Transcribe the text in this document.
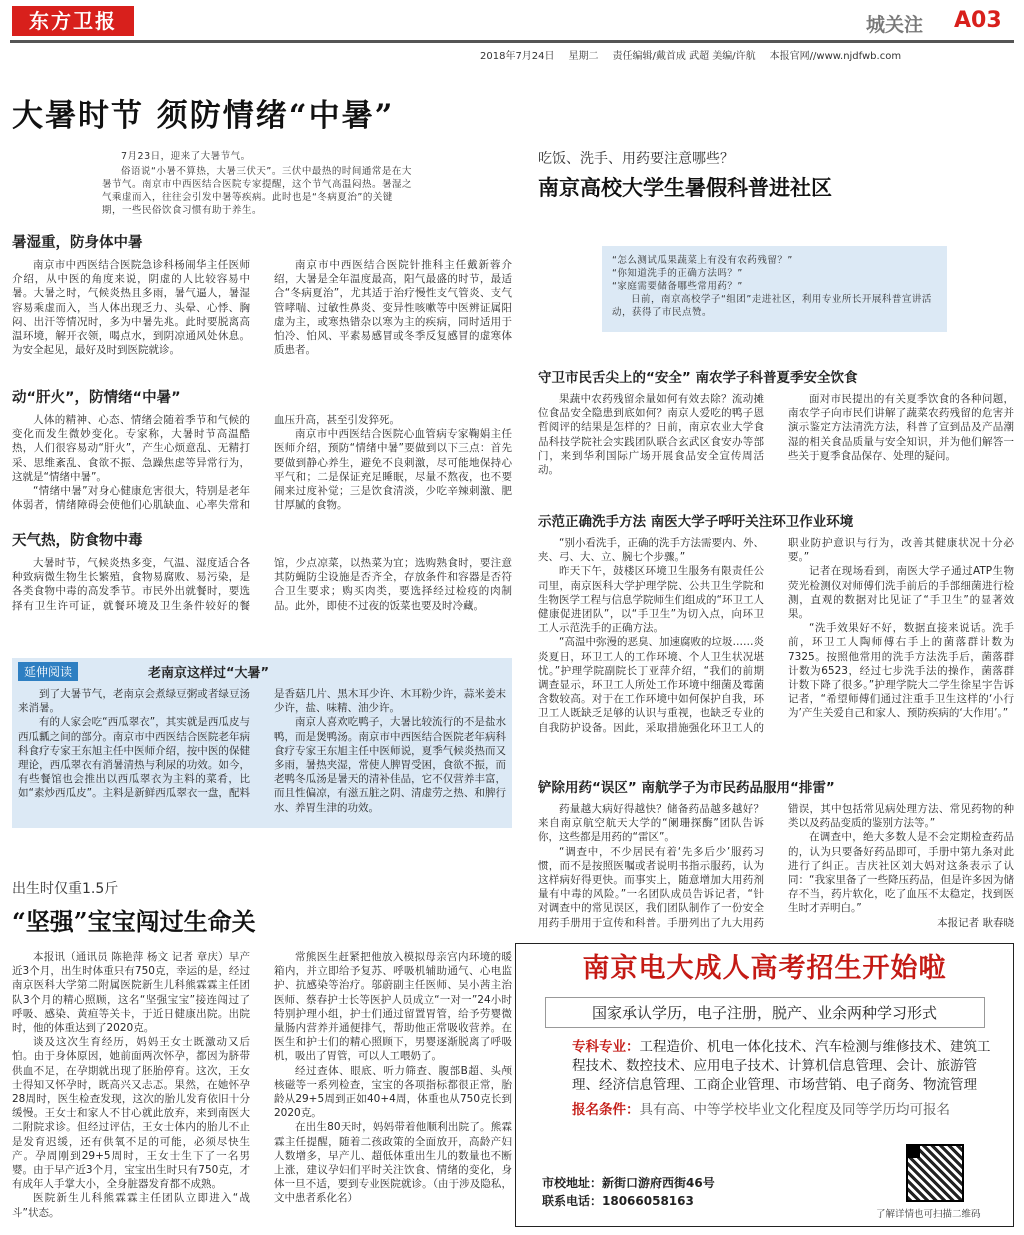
东方卫报	城关注 A03
2018年7月24日 星期二 责任编辑/戴首成 武超 美编/许航 本报官网//www.njdfwb.com
大暑时节 须防情绪“中暑”
7月23日，迎来了大暑节气。
俗语说“小暑不算热，大暑三伏天”。三伏中最热的时间通常是在大暑节气。南京市中西医结合医院专家提醒，这个节气高温闷热。暑湿之气乘虚而入，往往会引发中暑等疾病。此时也是“冬病夏治”的关键期，一些民俗饮食习惯有助于养生。
暑湿重，防身体中暑

南京市中西医结合医院急诊科杨闹华主任医师介绍，从中医的角度来说，阴虚的人比较容易中暑。大暑之时，气候炎热且多雨，暑气逼人，暑湿容易乘虚而入，当人体出现乏力、头晕、心悸、胸闷、出汗等情况时，多为中暑先兆。此时要脱离高温环境，解开衣领，喝点水，到阴凉通风处休息。为安全起见，最好及时到医院就诊。

南京市中西医结合医院针推科主任戴新蓉介绍，大暑是全年温度最高，阳气最盛的时节，最适合“冬病夏治”，尤其适于治疗慢性支气管炎、支气管哮喘、过敏性鼻炎、变异性咳嗽等中医辨证属阳虚为主，或寒热错杂以寒为主的疾病，同时适用于怕冷、怕风、平素易感冒或冬季反复感冒的虚寒体质患者。

动“肝火”，防情绪“中暑”

人体的精神、心态、情绪会随着季节和气候的变化而发生微妙变化。专家称，大暑时节高温酷热，人们很容易动“肝火”，产生心烦意乱、无精打采、思维紊乱、食欲不振、急躁焦虑等异常行为，这就是“情绪中暑”。

“情绪中暑”对身心健康危害很大，特别是老年体弱者，情绪障碍会使他们心肌缺血、心率失常和血压升高，甚至引发猝死。

南京市中西医结合医院心血管病专家鞠娟主任医师介绍，预防“情绪中暑”要做到以下三点：首先要做到静心养生，避免不良刺激，尽可能地保持心平气和；二是保证充足睡眠，尽量不熬夜，也不要闹来过度补觉；三是饮食清淡，少吃辛辣刺激、肥甘厚腻的食物。

天气热，防食物中毒

大暑时节，气候炎热多变，气温、湿度适合各种致病微生物生长繁殖，食物易腐败、易污染，是各类食物中毒的高发季节。市民外出就餐时，要选择有卫生许可证，就餐环境及卫生条件较好的餐馆，少点凉菜，以热菜为宜；选购熟食时，要注意其防蝇防尘设施是否齐全，存放条件和容器是否符合卫生要求；购买肉类，要选择经过检疫的肉制品。此外，即使不过夜的饭菜也要及时冷藏。

延伸阅读	老南京这样过“大暑”

到了大暑节气，老南京会煮绿豆粥或者绿豆汤来消暑。

有的人家会吃“西瓜翠衣”，其实就是西瓜皮与西瓜瓤之间的部分。南京市中西医结合医院老年病科食疗专家王东旭主任中医师介绍，按中医的保健理论，西瓜翠衣有消暑清热与利尿的功效。如今，有些餐馆也会推出以西瓜翠衣为主料的菜肴，比如“素炒西瓜皮”。主料是新鲜西瓜翠衣一盘，配料是香菇几片、黑木耳少许、木耳粉少许，蒜米姜末少许，盐、味精、油少许。

南京人喜欢吃鸭子，大暑比较流行的不是盐水鸭，而是煲鸭汤。南京市中西医结合医院老年病科食疗专家王东旭主任中医师说，夏季气候炎热而又多雨，暑热夹湿，常使人脾胃受困，食欲不振，而老鸭冬瓜汤是暑天的清补佳品，它不仅营养丰富，而且性偏凉，有滋五脏之阴、清虚劳之热、和脾行水、养胃生津的功效。

出生时仅重1.5斤
“坚强”宝宝闯过生命关

本报讯（通讯员 陈艳萍 杨文 记者 章庆）早产近3个月，出生时体重只有750克，幸运的是，经过南京医科大学第二附属医院新生儿科熊霖霖主任团队3个月的精心照顾，这名“坚强宝宝”接连闯过了呼吸、感染、黄疸等关卡，于近日健康出院。出院时，他的体重达到了2020克。

谈及这次生育经历，妈妈王女士既激动又后怕。由于身体原因，她前面两次怀孕，都因为脐带供血不足，在孕期就出现了胚胎停育。这次，王女士得知又怀孕时，既高兴又忐忑。果然，在她怀孕28周时，医生检查发现，这次的胎儿发育依旧十分缓慢。王女士和家人不甘心就此放弃，来到南医大二附院求诊。但经过评估，王女士体内的胎儿不止是发育迟缓，还有供氧不足的可能，必须尽快生产。孕周刚到29+5周时，王女士生下了一名男婴。由于早产近3个月，宝宝出生时只有750克，才有成年人手掌大小，全身脏器发育都不成熟。

医院新生儿科熊霖霖主任团队立即进入“战斗”状态。

常熊医生赶紧把他放入模拟母亲宫内环境的暖箱内，并立即给予复苏、呼吸机辅助通气、心电监护、抗感染等治疗。邬蔚副主任医师、吴小茜主治医师、蔡春护士长等医护人员成立“一对一”24小时特别护理小组，护士们通过留置胃管，给予劳婴微量肠内营养并通便排气，帮助他正常吸收营养。在医生和护士们的精心照顾下，男婴逐渐脱离了呼吸机，吸出了胃管，可以人工喂奶了。

经过查体、眼底、听力筛查、腹部B超、头颅核磁等一系列检查，宝宝的各项指标都很正常，胎龄从29+5周到正如40+4周，体重也从750克长到2020克。

在出生80天时，妈妈带着他顺利出院了。熊霖霖主任提醒，随着二孩政策的全面放开，高龄产妇人数增多，早产儿、超低体重出生儿的数量也不断上涨，建议孕妇们平时关注饮食、情绪的变化，身体一旦不适，要到专业医院就诊。（由于涉及隐私，文中患者系化名）

吃饭、洗手、用药要注意哪些？
南京高校大学生暑假科普进社区
“怎么测试瓜果蔬菜上有没有农药残留？”
“你知道洗手的正确方法吗？”
“家庭需要储备哪些常用药？”
日前，南京高校学子“组团”走进社区，利用专业所长开展科普宣讲活动，获得了市民点赞。
守卫市民舌尖上的“安全” 南农学子科普夏季安全饮食

果蔬中农药残留余量如何有效去除？流动摊位食品安全隐患到底如何？南京人爱吃的鸭子恩哲阅评的结果是怎样的？日前，南京农业大学食品科技学院社会实践团队联合玄武区食安办等部门，来到华利国际广场开展食品安全宣传周活动。

面对市民提出的有关夏季饮食的各种问题，南农学子向市民们讲解了蔬菜农药残留的危害并演示鉴定方法清洗方法，科普了宣到品及产品潮湿的相关食品质量与安全知识，并为他们解答一些关于夏季食品保存、处理的疑问。

示范正确洗手方法 南医大学子呼吁关注环卫作业环境

“别小看洗手，正确的洗手方法需要内、外、夹、弓、大、立、腕七个步骤。”

昨天下午，鼓楼区环境卫生服务有限责任公司里，南京医科大学护理学院、公共卫生学院和生物医学工程与信息学院师生们组成的“环卫工人健康促进团队”，以“手卫生”为切入点，向环卫工人示范洗手的正确方法。

“高温中弥漫的恶臭、加速腐败的垃圾……炎炎夏日，环卫工人的工作环境、个人卫生状况堪忧。”护理学院副院长丁亚萍介绍，“我们的前期调查显示，环卫工人所处工作环境中细菌及霉菌含数较高。对于在工作环境中如何保护自我，环卫工人既缺乏足够的认识与重视，也缺乏专业的自我防护设备。因此，采取措施强化环卫工人的职业防护意识与行为，改善其健康状况十分必要。”

记者在现场看到，南医大学子通过ATP生物荧光检测仪对师傅们洗手前后的手部细菌进行检测，直观的数据对比见证了“手卫生”的显著效果。

“洗手效果好不好，数据直接来说话。洗手前，环卫工人陶师傅右手上的菌落群计数为7325。按照他常用的洗手方法洗手后，菌落群计数为6523，经过七步洗手法的操作，菌落群计数下降了很多。”护理学院大二学生徐星宇告诉记者，“希望师傅们通过注重手卫生这样的‘小行为’产生关爱自己和家人、预防疾病的‘大作用’。”

铲除用药“误区” 南航学子为市民药品服用“排雷”

药量越大病好得越快？储备药品越多越好？来自南京航空航天大学的“阑珊探酶”团队告诉你，这些都是用药的“雷区”。

“调查中，不少居民有着‘先多后少’服药习惯，而不是按照医嘱或者说明书指示服药，认为这样病好得更快。而事实上，随意增加大用药剂量有中毒的风险。”一名团队成员告诉记者，“针对调查中的常见误区，我们团队制作了一份安全用药手册用于宣传和科普。手册列出了九大用药错误，其中包括常见病处理方法、常见药物的种类以及药品变质的鉴别方法等。”

在调查中，绝大多数人是不会定期检查药品的，认为只要备好药品即可，手册中第九条对此进行了纠正。吉庆社区刘大妈对这条表示了认同：“我家里备了一些降压药品，但是许多因为储存不当，药片软化，吃了血压不太稳定，找到医生时才弄明白。”

本报记者 耿春晓

南京电大成人高考招生开始啦
国家承认学历，电子注册，脱产、业余两种学习形式
专科专业：工程造价、机电一体化技术、汽车检测与维修技术、建筑工程技术、数控技术、应用电子技术、计算机信息管理、会计、旅游管理、经济信息管理、工商企业管理、市场营销、电子商务、物流管理
报名条件：具有高、中等学校毕业文化程度及同等学历均可报名
市校地址：新街口游府西街46号
联系电话：18066058163
了解详情也可扫描二维码
